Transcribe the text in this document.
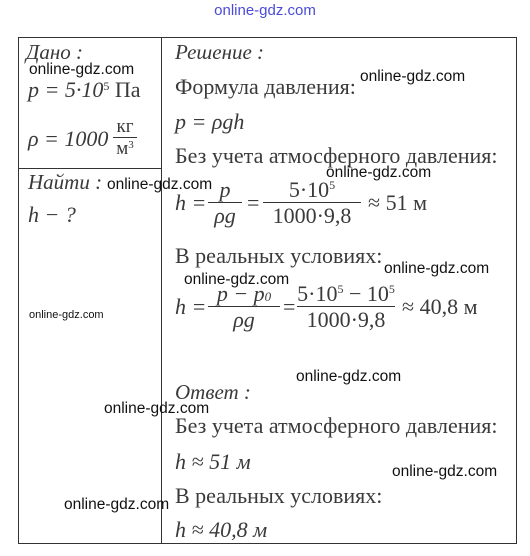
online-gdz.com
Дано :
$p = 5\cdot 10^5$ Па
ρ = 1000 кг
$м^3$
Найти :
h − ?
Решение :
Формула давления:
p = ρgh
Без учета атмосферного давления:
h =
p
ρg
=
$5\cdot 10^5$
1000·9,8
≈ 51 м
В реальных условиях:
h =
$p - p_0$
ρg
=
$5\cdot 10^5 - 10^5$
1000·9,8
≈ 40,8 м
Ответ :
Без учета атмосферного давления:
h ≈ 51 м
В реальных условиях:
h ≈ 40,8 м
online-gdz.com	online-gdz.com
online-gdz.com
online-gdz.com
online-gdz.com
online-gdz.com
online-gdz.com
online-gdz.com
online-gdz.com
online-gdz.com
online-gdz.com
